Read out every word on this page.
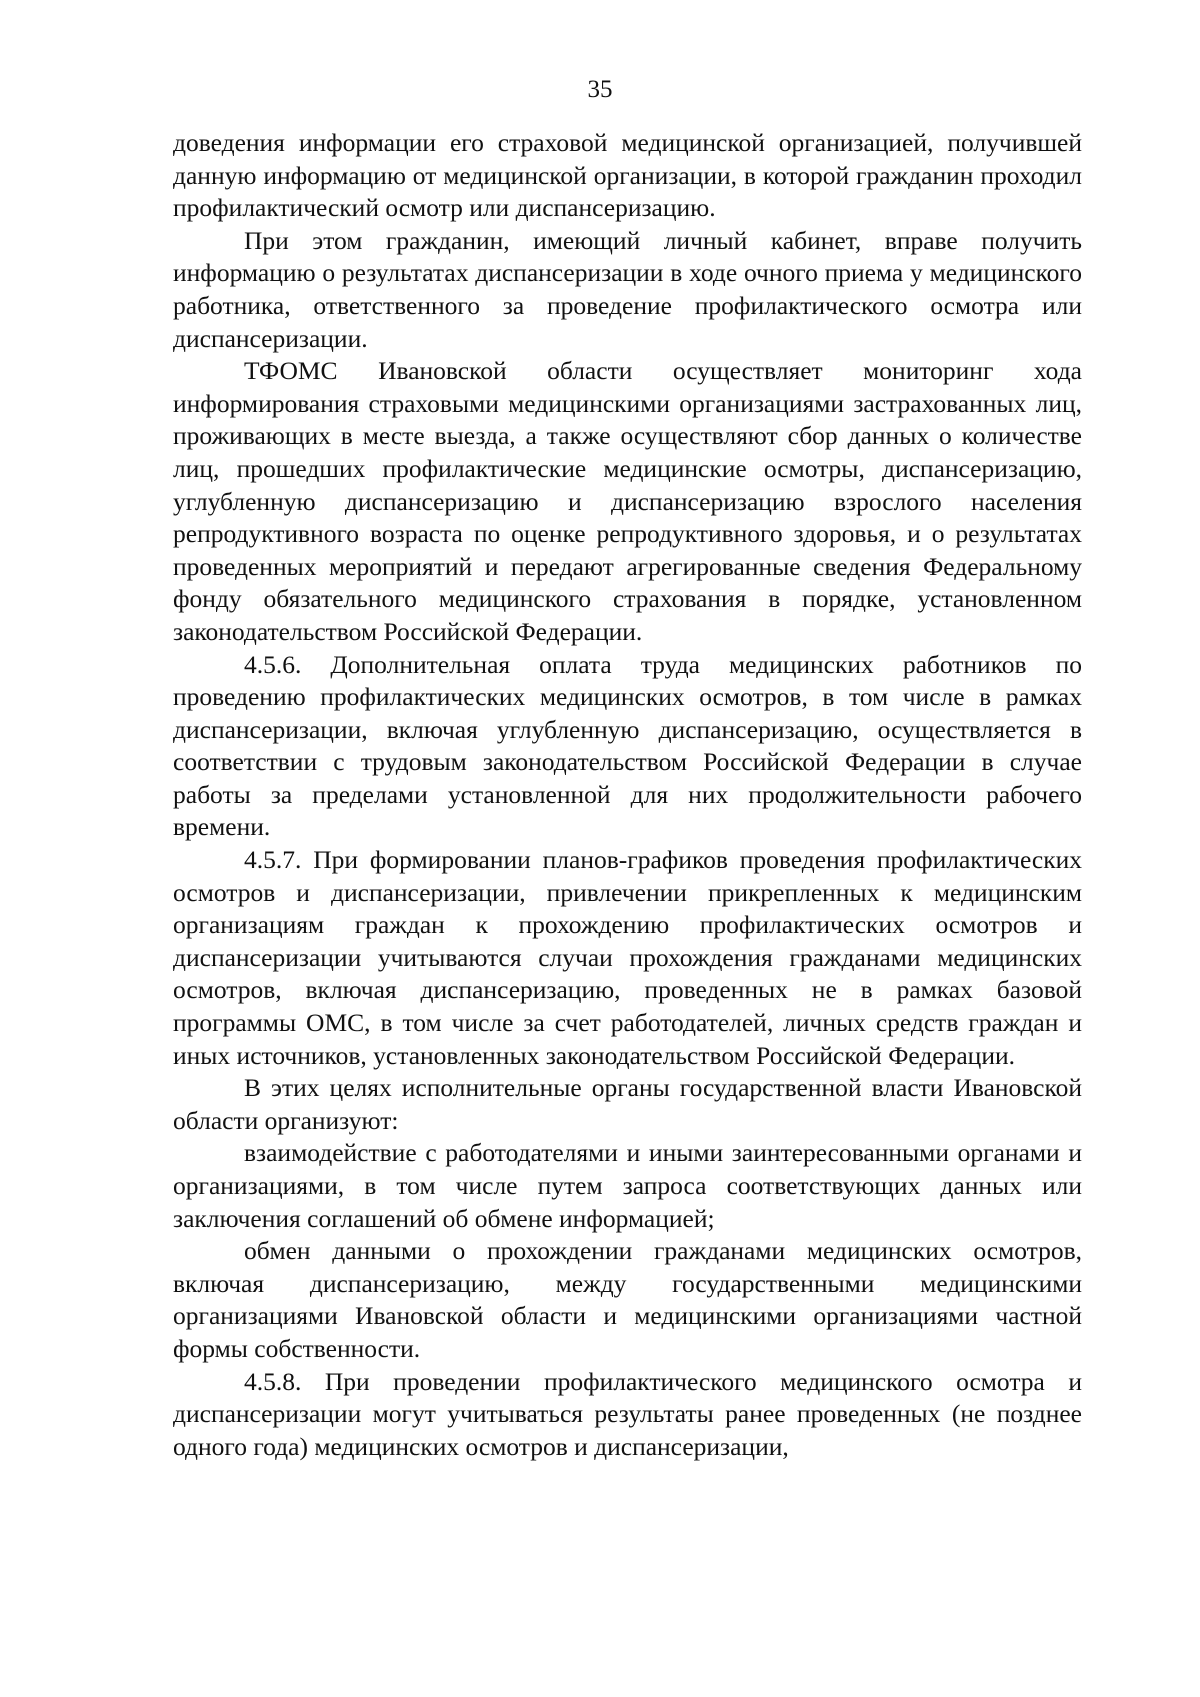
35

доведения информации его страховой медицинской организацией, получившей данную информацию от медицинской организации, в которой гражданин проходил профилактический осмотр или диспансеризацию.

При этом гражданин, имеющий личный кабинет, вправе получить информацию о результатах диспансеризации в ходе очного приема у медицинского работника, ответственного за проведение профилактического осмотра или диспансеризации.

ТФОМС Ивановской области осуществляет мониторинг хода информирования страховыми медицинскими организациями застрахованных лиц, проживающих в месте выезда, а также осуществляют сбор данных о количестве лиц, прошедших профилактические медицинские осмотры, диспансеризацию, углубленную диспансеризацию и диспансеризацию взрослого населения репродуктивного возраста по оценке репродуктивного здоровья, и о результатах проведенных мероприятий и передают агрегированные сведения Федеральному фонду обязательного медицинского страхования в порядке, установленном законодательством Российской Федерации.

4.5.6. Дополнительная оплата труда медицинских работников по проведению профилактических медицинских осмотров, в том числе в рамках диспансеризации, включая углубленную диспансеризацию, осуществляется в соответствии с трудовым законодательством Российской Федерации в случае работы за пределами установленной для них продолжительности рабочего времени.

4.5.7. При формировании планов-графиков проведения профилактических осмотров и диспансеризации, привлечении прикрепленных к медицинским организациям граждан к прохождению профилактических осмотров и диспансеризации учитываются случаи прохождения гражданами медицинских осмотров, включая диспансеризацию, проведенных не в рамках базовой программы ОМС, в том числе за счет работодателей, личных средств граждан и иных источников, установленных законодательством Российской Федерации.

В этих целях исполнительные органы государственной власти Ивановской области организуют:

взаимодействие с работодателями и иными заинтересованными органами и организациями, в том числе путем запроса соответствующих данных или заключения соглашений об обмене информацией;

обмен данными о прохождении гражданами медицинских осмотров, включая диспансеризацию, между государственными медицинскими организациями Ивановской области и медицинскими организациями частной формы собственности.

4.5.8. При проведении профилактического медицинского осмотра и диспансеризации могут учитываться результаты ранее проведенных (не позднее одного года) медицинских осмотров и диспансеризации,
